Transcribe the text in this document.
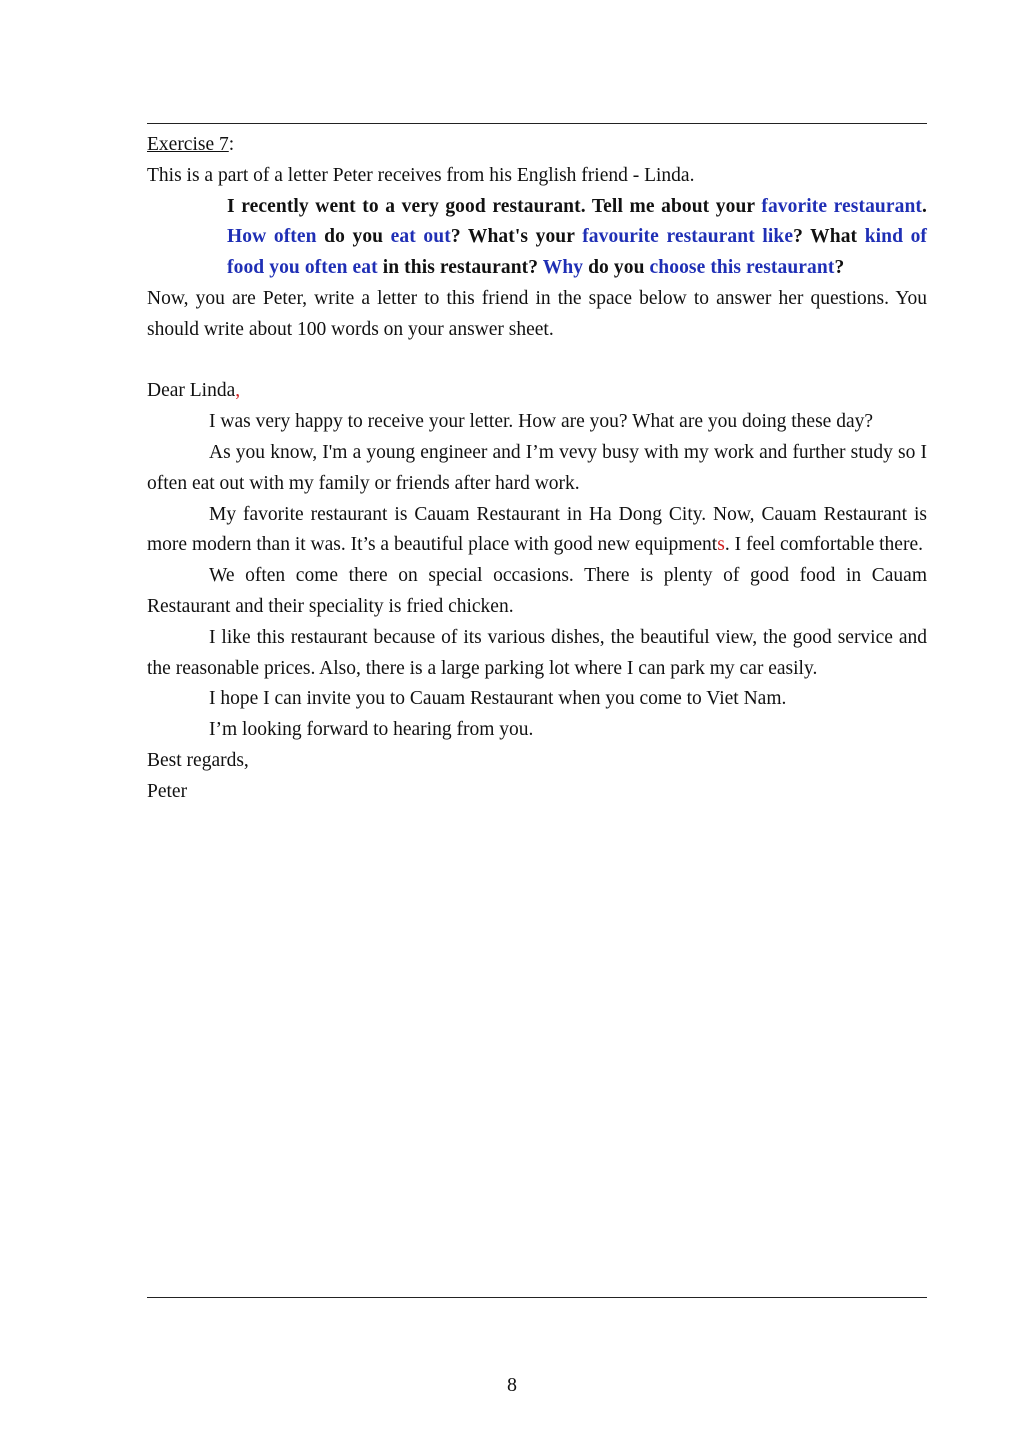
Exercise 7:

This is a part of a letter Peter receives from his English friend - Linda.

I recently went to a very good restaurant. Tell me about your favorite restaurant. How often do you eat out? What's your favourite restaurant like? What kind of food you often eat in this restaurant? Why do you choose this restaurant?

Now, you are Peter, write a letter to this friend in the space below to answer her questions. You should write about 100 words on your answer sheet.

Dear Linda,

I was very happy to receive your letter. How are you? What are you doing these day?

As you know, I'm a young engineer and I’m vevy busy with my work and further study so I often eat out with my family or friends after hard work.

My favorite restaurant is Cauam Restaurant in Ha Dong City. Now, Cauam Restaurant is more modern than it was. It’s a beautiful place with good new equipments. I feel comfortable there.

We often come there on special occasions. There is plenty of good food in Cauam Restaurant and their speciality is fried chicken.

I like this restaurant because of its various dishes, the beautiful view, the good service and the reasonable prices. Also, there is a large parking lot where I can park my car easily.

I hope I can invite you to Cauam Restaurant when you come to Viet Nam.

I’m looking forward to hearing from you.

Best regards,

Peter

8
